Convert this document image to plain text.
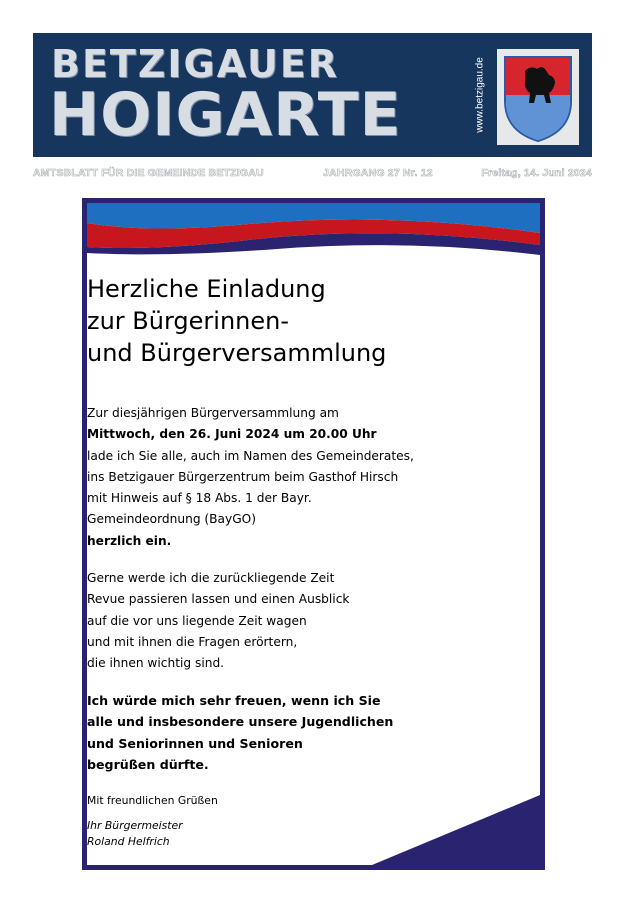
BETZIGAUER
HOIGARTE	www.betzigau.de
AMTSBLATT FÜR DIE GEMEINDE BETZIGAU	JAHRGANG 27 Nr. 12	Freitag, 14. Juni 2024
Herzliche Einladung
zur Bürgerinnen-
und Bürgerversammlung
Zur diesjährigen Bürgerversammlung am
Mittwoch, den 26. Juni 2024 um 20.00 Uhr
lade ich Sie alle, auch im Namen des Gemeinderates,
ins Betzigauer Bürgerzentrum beim Gasthof Hirsch
mit Hinweis auf § 18 Abs. 1 der Bayr.
Gemeindeordnung (BayGO)
herzlich ein.
Gerne werde ich die zurückliegende Zeit
Revue passieren lassen und einen Ausblick
auf die vor uns liegende Zeit wagen
und mit ihnen die Fragen erörtern,
die ihnen wichtig sind.
Ich würde mich sehr freuen, wenn ich Sie
alle und insbesondere unsere Jugendlichen
und Seniorinnen und Senioren
begrüßen dürfte.
Mit freundlichen Grüßen
Ihr Bürgermeister
Roland Helfrich
